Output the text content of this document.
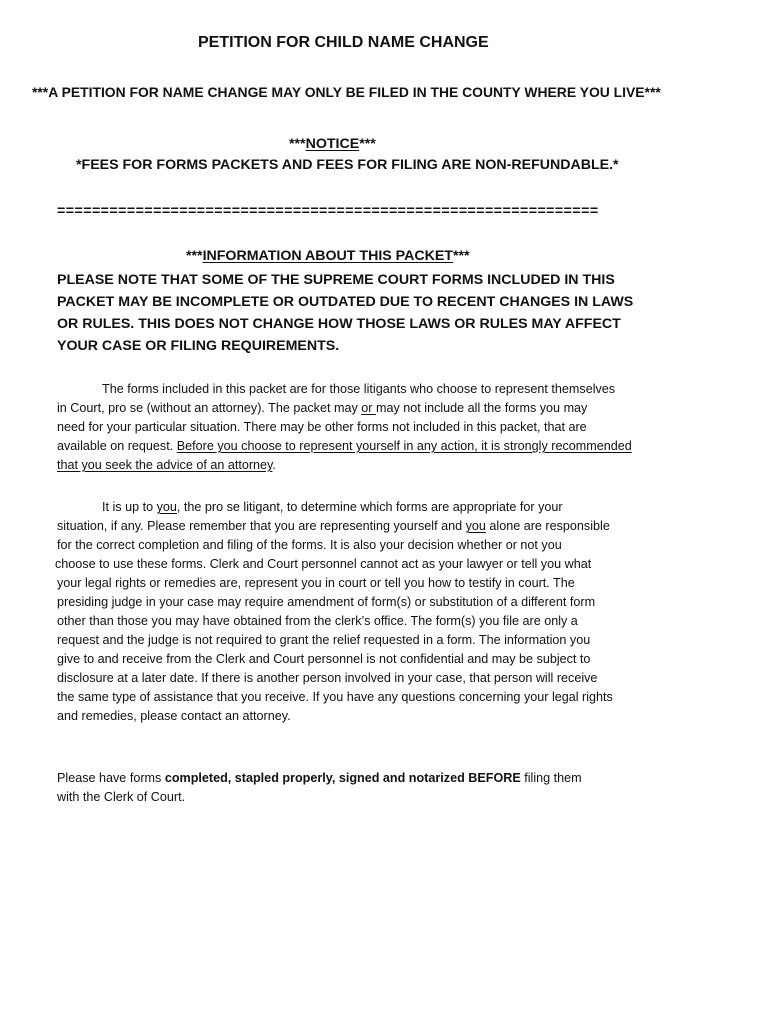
PETITION FOR CHILD NAME CHANGE
***A PETITION FOR NAME CHANGE MAY ONLY BE FILED IN THE COUNTY WHERE YOU LIVE***
***NOTICE***
*FEES FOR FORMS PACKETS AND FEES FOR FILING ARE NON-REFUNDABLE.*
==============================================================
***INFORMATION ABOUT THIS PACKET***
PLEASE NOTE THAT SOME OF THE SUPREME COURT FORMS INCLUDED IN THIS
PACKET MAY BE INCOMPLETE OR OUTDATED DUE TO RECENT CHANGES IN LAWS
OR RULES. THIS DOES NOT CHANGE HOW THOSE LAWS OR RULES MAY AFFECT
YOUR CASE OR FILING REQUIREMENTS.
The forms included in this packet are for those litigants who choose to represent themselves
in Court, pro se (without an attorney). The packet may or may not include all the forms you may
need for your particular situation. There may be other forms not included in this packet, that are
available on request. Before you choose to represent yourself in any action, it is strongly recommended
that you seek the advice of an attorney.
It is up to you, the pro se litigant, to determine which forms are appropriate for your
situation, if any. Please remember that you are representing yourself and you alone are responsible
for the correct completion and filing of the forms. It is also your decision whether or not you
choose to use these forms. Clerk and Court personnel cannot act as your lawyer or tell you what
your legal rights or remedies are, represent you in court or tell you how to testify in court. The
presiding judge in your case may require amendment of form(s) or substitution of a different form
other than those you may have obtained from the clerk’s office. The form(s) you file are only a
request and the judge is not required to grant the relief requested in a form. The information you
give to and receive from the Clerk and Court personnel is not confidential and may be subject to
disclosure at a later date. If there is another person involved in your case, that person will receive
the same type of assistance that you receive. If you have any questions concerning your legal rights
and remedies, please contact an attorney.
Please have forms completed, stapled properly, signed and notarized BEFORE filing them
with the Clerk of Court.
